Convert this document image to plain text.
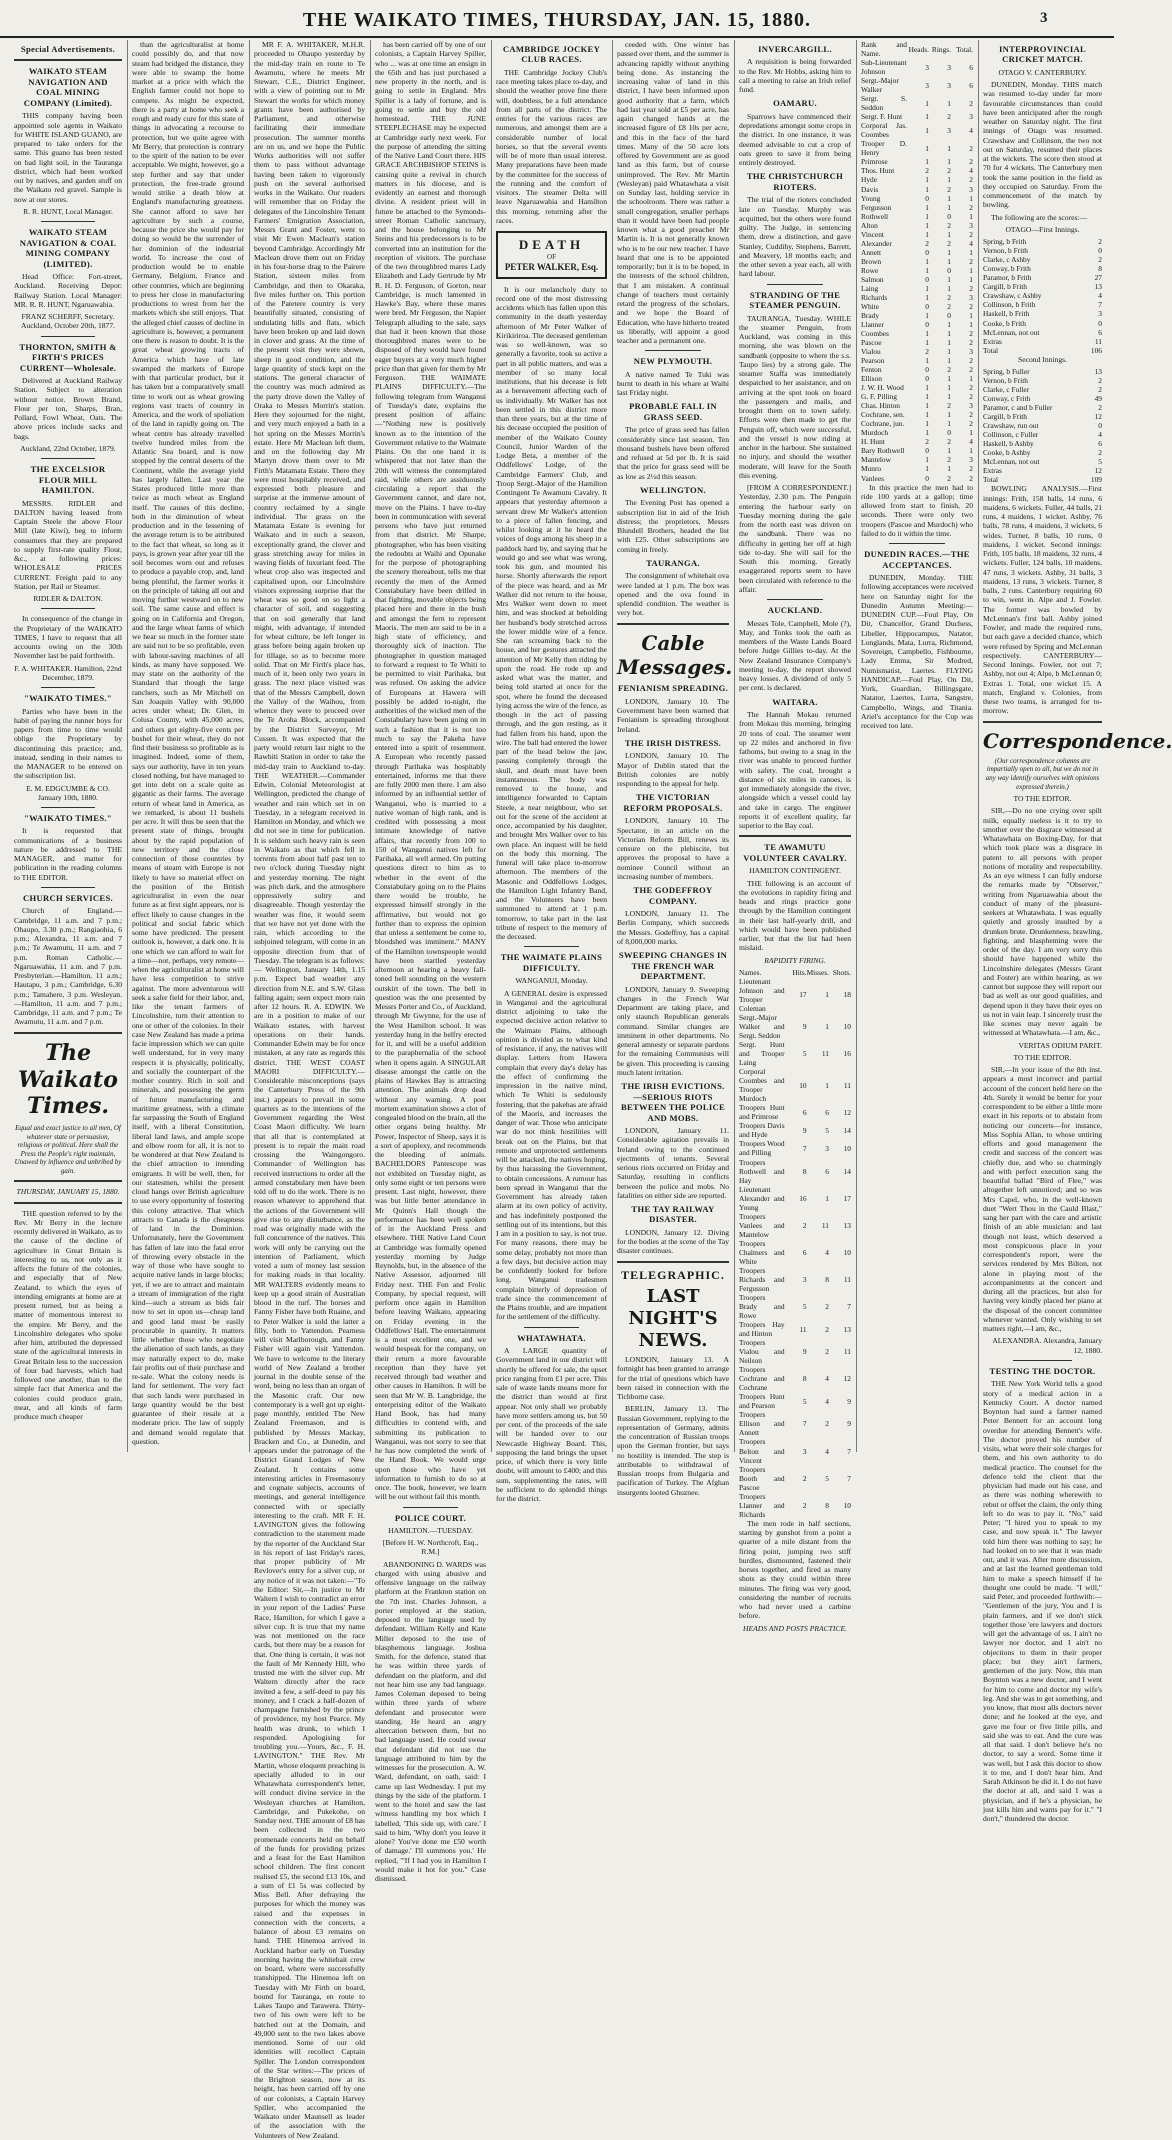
THE WAIKATO TIMES, THURSDAY, JAN. 15, 1880.	3
Special Advertisements.
WAIKATO STEAM NAVIGATION AND COAL MINING COMPANY (Limited).

THIS company having been appointed sole agents in Waikato for WHITE ISLAND GUANO, are prepared to take orders for the same. This guano has been tested on bad light soil, in the Tauranga district, which had been worked out by natives, and garden stuff on the Waikato red gravel. Sample is now at our stores.

R. R. HUNT, Local Manager.

WAIKATO STEAM NAVIGATION & COAL MINING COMPANY (LIMITED).

Head Office: Fort-street, Auckland. Receiving Depot: Railway Station. Local Manager: MR. R. R. HUNT, Ngaruawahia.

FRANZ SCHERFF, Secretary. Auckland, October 20th, 1877.

THORNTON, SMITH & FIRTH'S PRICES CURRENT—Wholesale.

Delivered at Auckland Railway Station. Subject to alteration without notice. Brown Brand, Flour per ton, Sharps, Bran, Pollard, Fowl Wheat, Oats. The above prices include sacks and bags.

Auckland, 22nd October, 1879.

THE EXCELSIOR FLOUR MILL HAMILTON.

MESSRS. RIDLER and DALTON having leased from Captain Steele the above Flour Mill (late Kiwi), beg to inform consumers that they are prepared to supply first-rate quality Flour, &c., at following prices: WHOLESALE PRICES CURRENT. Freight paid to any Station, per Rail or Steamer.

RIDLER & DALTON.

In consequence of the change in the Proprietary of the WAIKATO TIMES, I have to request that all accounts owing on the 30th November last be paid forthwith.

F. A. WHITAKER. Hamilton, 22nd December, 1879.

"WAIKATO TIMES."

Parties who have been in the habit of paying the runner boys for papers from time to time would oblige the Proprietary by discontinuing this practice; and, instead, sending in their names to the MANAGER to be entered on the subscription list.

E. M. EDGCUMBE & CO. January 10th, 1880.

"WAIKATO TIMES."

It is requested that communications of a business nature be addressed to THE MANAGER, and matter for publication in the reading columns to THE EDITOR.

CHURCH SERVICES.

Church of England.—Cambridge, 11 a.m. and 7 p.m.; Ohaupo, 3.30 p.m.; Rangiaohia, 6 p.m.; Alexandra, 11 a.m. and 7 p.m.; Te Awamutu, 11 a.m. and 7 p.m. Roman Catholic.—Ngaruawahia, 11 a.m. and 7 p.m. Presbyterian.—Hamilton, 11 a.m.; Hautapu, 3 p.m.; Cambridge, 6.30 p.m.; Tamahere, 3 p.m. Wesleyan.—Hamilton, 11 a.m. and 7 p.m.; Cambridge, 11 a.m. and 7 p.m.; Te Awamutu, 11 a.m. and 7 p.m.

The Waikato Times.

Equal and exact justice to all men, Of whatever state or persuasion, religious or political. Here shall the Press the People's right maintain, Unawed by influence and unbribed by gain.

THURSDAY, JANUARY 15, 1880.

THE question referred to by the Rev. Mr Berry in the lecture recently delivered in Waikato, as to the cause of the decline of agriculture in Great Britain is interesting to us, not only as it affects the future of the colonies, and especially that of New Zealand, to which the eyes of intending emigrants at home are at present turned, but as being a matter of momentous interest to the empire. Mr Berry, and the Lincolnshire delegates who spoke after him, attributed the depressed state of the agricultural interests in Great Britain less to the succession of four bad harvests, which had followed one another, than to the simple fact that America and the colonies could produce grain, meat, and all kinds of farm produce much cheaper

than the agriculturalist at home could possibly do, and that now steam had bridged the distance, they were able to swamp the home market at a price with which the English farmer could not hope to compete. As might be expected, there is a party at home who seek a rough and ready cure for this state of things in advocating a recourse to protection, but we quite agree with Mr Berry, that protection is contrary to the spirit of the nation to be ever acceptable. We might, however, go a step further and say that under protection, the free-trade ground would strike a death blow at England's manufacturing greatness. She cannot afford to save her agriculture by such a course, because the price she would pay for doing so would be the surrender of her dominion of the industrial world. To increase the cost of production would be to enable Germany, Belgium, France and other countries, which are beginning to press her close in manufacturing productions to wrest from her the markets which she still enjoys. That the alleged chief causes of decline in agriculture is, however, a permanent one there is reason to doubt. It is the great wheat growing tracts of America which have of late swamped the markets of Europe with that particular product, but it has taken but a comparatively small time to work out as wheat growing regions vast tracts of country in America, and the work of spoliation of the land in rapidly going on. The wheat centre has already travelled twelve hundred miles from the Atlantic Sea board, and is now stopped by the central deserts of the Continent, while the average yield has largely fallen. Last year the States produced little more than twice as much wheat as England itself. The causes of this decline, both in the diminution of wheat production and in the lessening of the average return is to be attributed to the fact that wheat, so long as it pays, is grown year after year till the soil becomes worn out and refuses to produce a payable crop, and, land being plentiful, the farmer works it on the principle of taking all out and moving further westward on to new soil. The same cause and effect is going on in California and Oregon, and the large wheat farms of which we hear so much in the former state are said not to be so profitable, even with labour-saving machines of all kinds, as many have supposed. We may state on the authority of the Standard that though the large ranchers, such as Mr Mitchell on San Joaquin Valley with 90,000 acres under wheat; Dr. Glen, in Colusa County, with 45,000 acres, and others get eighty-five cents per bushel for their wheat, they do not find their business so profitable as is imagined. Indeed, some of them, says our authority, have in ten years closed nothing, but have managed to get into debt on a scale quite as gigantic as their farms. The average return of wheat land in America, as we remarked, is about 11 bushels per acre. It will thus be seen that the present state of things, brought about by the rapid population of new territory and the close connection of those countries by means of steam with Europe is not likely to have so material effect on the position of the British agriculturalist in even the near future as at first sight appears, nor is effect likely to cause changes in the political and social fabric which some have predicted. The present outlook is, however, a dark one. It is one which we can afford to wait for a time—not, perhaps, very remote—when the agriculturalist at home will have less competition to strive against. The more adventurous will seek a safer field for their labor, and, like the tenant farmers of Lincolnshire, turn their attention to one or other of the colonies. In their case New Zealand has made a prima facie impression which we can quite well understand, for in very many respects it is physically, politically, and socially the counterpart of the mother country. Rich in soil and minerals, and possessing the germ of future manufacturing and maritime greatness, with a climate far surpassing the South of England itself, with a liberal Constitution, liberal land laws, and ample scope and elbow room for all, it is not to be wondered at that New Zealand is the chief attraction to intending emigrants. It will be well, then, for our statesmen, whilst the present cloud hangs over British agriculture to use every opportunity of fostering this colony attractive. That which attracts to Canada is the cheapness of land in the Dominion. Unfortunately, here the Government has fallen of late into the fatal error of throwing every obstacle in the way of those who have sought to acquire native lands in large blocks; yet, if we are to attract and maintain a stream of immigration of the right kind—such a stream as bids fair now to set in upon us—cheap land and good land must be easily procurable in quantity. It matters little whether those who negotiate the alienation of such lands, as they may naturally expect to do, make fair profits out of their purchase and re-sale. What the colony needs is land for settlement. The very fact that such lands were purchased in large quantity would be the best guarantee of their resale at a moderate price. The law of supply and demand would regulate that question.

MR F. A. WHITAKER, M.H.R. proceeded to Ohaupo yesterday by the mid-day train en route to Te Awamutu, where he meets Mr Stewart, C.E., District Engineer, with a view of pointing out to Mr Stewart the works for which money grants have been authorised by Parliament, and otherwise facilitating their immediate prosecution. The summer months are on us, and we hope the Public Works authorities will not suffer them to pass without advantage having been taken to vigorously push on the several authorised works in the Waikato. Our readers will remember that on Friday the delegates of the Lincolnshire Tenant Farmers' Emigration Association, Messrs Grant and Foster, went to visit Mr Ewen Maclean's station beyond Cambridge. Accordingly Mr Maclean drove them out on Friday in his four-horse drag to the Pairere Station, sixteen miles from Cambridge, and then to Okaraka, five miles further on. This portion of the Patetere country is very beautifully situated, consisting of undulating hills and flats, which have been broken up and laid down in clover and grass. At the time of the present visit they were shown, sheep in good condition, and the large quantity of stock kept on the stations. The general character of the country was much admired as the party drove down the Valley of Oraka to Messrs Morrin's station. Here they sojourned for the night, and very much enjoyed a bath in a hot spring on the Messrs Morrin's estate. Here Mr Maclean left them, and on the following day Mr Martyn drove them over to Mr Firth's Matamata Estate. There they were most hospitably received, and expressed both pleasure and surprise at the immense amount of country reclaimed by a single individual. The grass on the Matamata Estate is evening for Waikato and in such a season, exceptionally grand, the clover and grass stretching away for miles in waving fields of luxuriant feed. The wheat crop also was inspected and capitalised upon, our Lincolnshire visitors expressing surprise that the wheat was so good on so light a character of soil, and suggesting that on soil generally that land might, with advantage, if intended for wheat culture, be left longer in grass before being again broken up for tillage, so as to become more solid. That on Mr Firth's place has, much of it, been only two years in grass. The next place visited was that of the Messrs Campbell, down the Valley of the Waihou, from whence they were to proceed over the Te Aroha Block, accompanied by the District Surveyor, Mr Cussen. It was expected that the party would return last night to the Rawhiti Station in order to take the mid-day train to Auckland to-day. THE WEATHER.—Commander Edwin, Colonial Meteorologist at Wellington, predicted the change of weather and rain which set in on Tuesday, in a telegram received in Hamilton on Monday, and which we did not see in time for publication. It is seldom such heavy rain is seen in Waikato as that which fell in torrents from about half past ten to two o'clock during Tuesday night and yesterday morning. The night was pitch dark, and the atmosphere oppressively sultry and disagreeable. Though yesterday the weather was fine, it would seem that we have not yet done with the rain, which according to the subjoined telegram, will come in an opposite direction from that of Tuesday. The telegram is as follows:— Wellington, January 14th, 1.15 p.m. Expect bad weather any direction from N.E. and S.W. Glass falling again; seen expect more rain after 12 hours. R. A. EDWIN. We are in a position to make of our Waikato estates, with harvest operations on their hands. Commander Edwin may be for once mistaken, at any rate as regards this district. THE WEST COAST MAORI DIFFICULTY.—Considerable misconceptions (says the Canterbury Press of the 9th inst.) appears to prevail in some quarters as to the intentions of the Government regarding the West Coast Maori difficulty. We learn that all that is contemplated at present is to repair the main road crossing the Waingongoro. Commander of Wellington has received instructions to order all the armed constabulary men have been told off to do the work. There is no reason whatever to apprehend that the actions of the Government will give rise to any disturbance, as the road was originally made with the full concurrence of the natives. This work will only be carrying out the intention of Parliament, which voted a sum of money last session for making roads in that locality. MR WALTERS evidently means to keep up a good strain of Australian blood in the turf. The horses and Fanny Fisher have both Ruaine, and to Peter Walker is sold the latter a filly, both to Yattendon. Pearness will visit Marlborough, and Fanny Fisher will again visit Yattendon. We have to welcome to the literary world of New Zealand a brother journal in the double sense of the word, being no less than an organ of the Masonic craft. Our new contemporary is a well got up eight-page monthly, entitled The New Zealand Freemason, and is published by Messrs Mackay, Bracken and Co., at Dunedin, and appears under the patronage of the District Grand Lodges of New Zealand. It contains some interesting articles in Freemasonry and cognate subjects, accounts of meetings, and general intelligence connected with or specially interesting to the craft. MR F. H. LAVINGTON gives the following contradiction to the statement made by the reporter of the Auckland Star in his report of last Friday's races, that proper publicity of Mr Revlover's entry for a silver cup, or any notice of it was not taken:—"To the Editor: Sir,—In justice to Mr Waltern I wish to contradict an error in your report of the Ladies' Purse Race, Hamilton, for which I gave a silver cup. It is true that my name was not mentioned on the race cards, but there may be a reason for that. One thing is certain, it was not the fault of Mr Kennedy Hill, who trusted me with the silver cup. Mr Waltern directly after the race invited a few, a self-deed to pay his money, and I crack a half-dozen of champagne furnished by the prince of providence, my host Pearce. My health was drunk, to which I responded. Apologising for troubling you.—Yours, &c., F. H. LAVINGTON." THE Rev. Mr Martin, whose eloquent preaching is specially alluded to in our Whatawhata correspondent's letter, will conduct divine service in the Wesleyan churches at Hamilton, Cambridge, and Pukekohe, on Sunday next. THE amount of £8 has been collected in the two promenade concerts held on behalf of the funds for providing prizes and a feast for the East Hamilton school children. The first concert realised £5, the second £13 10s, and a sum of £1 5s was collected by Miss Bell. After defraying the purposes for which the money was raised and the expenses in connection with the concerts, a balance of about £3 remains on hand. THE Hinemoa arrived in Auckland harbor early on Tuesday morning having the whitebait crew on board, where were successfully transhipped. The Hinemoa left on Tuesday with Mr Firth on board, bound for Tauranga, en route to Lakes Taupo and Tarawera. Thirty-two of his own were left to be batched out at the Domain, and 49,000 sent to the two lakes above mentioned. Some of our old identities will recollect Captain Spiller. The London correspondent of the Star writes:—The prices of the Brighton season, now at its height, has been carried off by one of our colonists, a Captain Harvey Spiller, who accompanied the Waikato under Maunsell as leader of the association with the Volunteers of New Zealand.

has been carried off by one of our colonists, a Captain Harvey Spiller, who ... was at one time an ensign in the 65th and has just purchased a new property in the north, and is going to settle in England. Mrs Spiller is a lady of fortune, and is going to settle and buy the old homestead. THE JUNE STEEPLECHASE may be expected at Cambridge early next week. For the purpose of attending the sitting of the Native Land Court there. HIS GRACE ARCHBISHOP STEINS is causing quite a revival in church matters in his diocese, and is evidently an earnest and thorough divine. A resident priest will in future be attached to the Symonds-street Roman Catholic sanctuary, and the house belonging to Mr Steins and his predecessors is to be converted into an institution for the reception of visitors. The purchase of the two throughbred mares Lady Elizabeth and Lady Gertrude by Mr R. H. D. Ferguson, of Gorton, near Cambridge, is much lamented in Hawke's Bay, where these mares were bred. Mr Ferguson, the Napier Telegraph alluding to the sale, says that had it been known that those thoroughbred mares were to be disposed of they would have found eager buyers at a very much higher price than that given for them by Mr Ferguson. THE WAIMATE PLAINS DIFFICULTY.—The following telegram from Wanganui of Tuesday's date, explains the present position of affairs:—"Nothing new is positively known as to the intention of the Government relative to the Waimate Plains. On the one hand it is whispered that not later than the 20th will witness the contemplated raid, while others are assiduously circulating a report that the Government cannot, and dare not, move on the Plains. I have to-day been in communication with several persons who have just returned from that district. Mr Sharpe, photographer, who has been visiting the redoubts at Waihi and Opunake for the purpose of photographing the scenery thereabout, tells me that recently the men of the Armed Constabulary have been drilled in that fighting, movable objects being placed here and there in the bush and amongst the fern to represent Maoris. The men are said to be in a high state of efficiency, and thoroughly sick of inaction. The photographer in question managed to forward a request to Te Whiti to be permitted to visit Parihaka, but was refused. On asking the advice of Europeans at Hawera will possibly be added to-night, the authorities of the wicked men of the Constabulary have been going on in such a fashion that it is not too much to say the Pakeha have entered into a spirit of resentment. A European who recently passed through Parihaka was hospitably entertained, informs me that there are fully 2000 men there. I am also informed by an influential settler of Wanganui, who is married to a native woman of high rank, and is credited with possessing a most intimate knowledge of native affairs, that recently from 100 to 150 of Wanganui natives left for Parihaka, all well armed. On putting questions direct to him as to whether in the event of the Constabulary going on to the Plains there would be trouble, he expressed himself strongly in the affirmative, but would not go further than to express the opinion that unless a settlement be come to, bloodshed was imminent." MANY of the Hamilton townspeople would have been startled yesterday afternoon at hearing a heavy fall-toned bell sounding on the western outskirt of the town. The bell in question was the one presented by Messrs Porter and Co., of Auckland, through Mr Gwynne, for the use of the West Hamilton school. It was yesterday hung in the belfry erected for it, and will be a useful addition to the paraphernalia of the school when it opens again. A SINGULAR disease amongst the cattle on the plains of Hawkes Bay is attracting attention. The animals drop dead without any warning. A post mortem examination shows a clot of congealed blood on the brain, all the other organs being healthy. Mr Power, Inspector of Sheep, says it is a sort of apoplexy, and recommends the bleeding of animals. BACHELDORS Pantescope was not exhibited on Tuesday night, as only some eight or ten persons were present. Last night, however, there was but little better attendance in Mr Quinn's Hall though the performance has been well spoken of in the Auckland Press and elsewhere. THE Native Land Court at Cambridge was formally opened yesterday morning by Judge Reynolds, but, in the absence of the Native Assessor, adjourned till Friday next. THE Fun and Frolic Company, by special request, will perform once again in Hamilton before leaving Waikato, appearing on Friday evening in the Oddfellows' Hall. The entertainment is a most excellent one, and we would bespeak for the company, on their return a more favourable reception than they have yet received through bad weather and other causes in Hamilton. It will be seen that Mr W. B. Langbridge, the enterprising editor of the Waikato Hand Book, has had many difficulties to contend with, and submitting its publication to Wanganui, was not sorry to see that he has now completed the work of the Hand Book. We would urge upon those who have yet information to furnish to do so at once. The book, however, we learn will be out without fail this month.

POLICE COURT.

HAMILTON.—TUESDAY.

[Before H. W. Northcroft, Esq., R.M.]

ABANDONING D. WARDS was charged with using abusive and offensive language on the railway platform at the Frankton station on the 7th inst. Charles Johnson, a porter employed at the station, deposed to the language used by defendant. William Kelly and Kate Miller deposed to the use of blasphemous language. Joshua Smith, for the defence, stated that he was within three yards of defendant on the platform, and did not hear him use any bad language. James Coleman deposed to being within three yards of where defendant and prosecutor were standing. He heard an angry altercation between them, but no bad language used. He could swear that defendant did not use the language attributed to him by the witnesses for the prosecution. A. W. Ward, defendant, on oath, said: I came up last Wednesday. I put my things by the side of the platform. I went to the hotel and saw the last witness handling my box which I labelled, 'This side up, with care.' I said to him, 'Why don't you leave it alone? You've done me £50 worth of damage.' I'll summons you.' He replied, '"If I had you in Hamilton I would make it hot for you." Case dismissed.

CAMBRIDGE JOCKEY CLUB RACES.

THE Cambridge Jockey Club's race meeting takes place to-day, and should the weather prove fine there will, doubtless, be a full attendance from all parts of the district. The entries for the various races are numerous, and amongst them are a considerable number of local horses, so that the several events will be of more than usual interest. Many preparations have been made by the committee for the success of the running and the comfort of visitors. The steamer Delta will leave Ngaruawahia and Hamilton this morning, returning after the races.

DEATH
OF
PETER WALKER, Esq.

It is our melancholy duty to record one of the most distressing accidents which has fallen upon this community in the death yesterday afternoon of Mr Peter Walker of Kirikiriroa. The deceased gentleman was so well-known, was so generally a favorite, took so active a part in all public matters, and was a member of so many local institutions, that his decease is felt as a bereavement affecting each of us individually. Mr Walker has not been settled in this district more than three years, but at the time of his decease occupied the position of member of the Waikato County Council, Junior Warden of the Lodge Beta, a member of the Oddfellows' Lodge, of the Cambridge Farmers' Club, and Troop Sergt.-Major of the Hamilton Contingent Te Awamutu Cavalry. It appears that yesterday afternoon a servant drew Mr Walker's attention to a piece of fallen fencing, and whilst looking at it he heard the voices of dogs among his sheep in a paddock hard by, and saying that he would go and see what was wrong, took his gun, and mounted his horse. Shortly afterwards the report of the piece was heard, and as Mr Walker did not return to the house, Mrs Walker went down to meet him, and was shocked at beholding her husband's body stretched across the lower middle wire of a fence. She ran screaming back to the house, and her gestures attracted the attention of Mr Kelly then riding by upon the road. He rode up and asked what was the matter, and being told started at once for the spot, where he found the deceased lying across the wire of the fence, as though in the act of passing through, and the gun resting, as it had fallen from his hand, upon the wire. The ball had entered the lower part of the head below the jaw, passing completely through the skull, and death must have been instantaneous. The body was removed to the house, and intelligence forwarded to Captain Steele, a near neighbour, who set out for the scene of the accident at once, accompanied by his daughter, and brought Mrs Walker over to his own place. An inquest will be held on the body this morning. The funeral will take place to-morrow afternoon. The members of the Masonic and Oddfellows Lodges, the Hamilton Light Infantry Band, and the Volunteers have been summoned to attend at 1 p.m. tomorrow, to take part in the last tribute of respect to the memory of the deceased.

THE WAIMATE PLAINS DIFFICULTY.

WANGANUI, Monday.

A GENERAL desire is expressed in Wanganui and the agricultural district adjoining to take the expected decisive action relative to the Waimate Plains, although opinion is divided as to what kind of resistance, if any, the natives will display. Letters from Hawera complain that every day's delay has the effect of confirming the impression in the native mind, which Te Whiti is sedulously fostering, that the pakehas are afraid of the Maoris, and increases the danger of war. Those who anticipate war do not think hostilities will break out on the Plains, but that remote and unprotected settlements will be attacked, the natives hoping, by thus harassing the Government, to obtain concessions. A rumour has been spread in Wanganui that the Government has already taken alarm at its own policy of activity, and has indefinitely postponed the settling out of its intentions, but this I am in a position to say, is not true. For many reasons, there may be some delay, probably not more than a few days, but decisive action may be confidently looked for before long. Wanganui tradesmen complain bitterly of depression of trade since the commencement of the Plains trouble, and are impatient for the settlement of the difficulty.

WHATAWHATA.

A LARGE quantity of Government land in our district will shortly be offered for sale, the upset price ranging from £1 per acre. This sale of waste lands means more for the district than would at first appear. Not only shall we probably have more settlers among us, but 50 per cent. of the proceeds of the sale will be handed over to our Newcastle Highway Board. This, supposing the land brings the upset price, of which there is very little doubt, will amount to £400; and this sum, supplementing the rates, will be sufficient to do splendid things for the district.

ceeded with. One winter has passed over them, and the summer is advancing rapidly without anything being done. As instancing the increasing value of land in this district, I have been informed upon good authority that a farm, which had last year sold at £5 per acre, has again changed hands at the increased figure of £8 10s per acre, and this in the face of the hard times. Many of the 50 acre lots offered by Government are as good land as this farm, but of course unimproved. The Rev. Mr Martin (Wesleyan) paid Whatawhata a visit on Sunday last, holding service in the schoolroom. There was rather a small congregation, smaller perhaps than it would have been had people known what a good preacher Mr Martin is. It is not generally known who is to be our new teacher. I have heard that one is to be appointed temporarily; but it is to be hoped, in the interests of the school children, that I am mistaken. A continual change of teachers must certainly retard the progress of the scholars, and we hope the Board of Education, who have hitherto treated us liberally, will appoint a good teacher and a permanent one.

NEW PLYMOUTH.

A native named Te Tuki was burnt to death in his whare at Waihi last Friday night.

PROBABLE FALL IN GRASS SEED.

The price of grass seed has fallen considerably since last season. Ten thousand bushels have been offered and refused at 5d per lb. It is said that the price for grass seed will be as low as 2½d this season.

WELLINGTON.

The Evening Post has opened a subscription list in aid of the Irish distress; the proprietors, Messrs Blundell Brothers, headed the list with £25. Other subscriptions are coming in freely.

TAURANGA.

The consignment of whitebait ova were landed at 1 p.m. The box was opened and the ova found in splendid condition. The weather is very hot.

Cable Messages.
FENIANISM SPREADING.

LONDON, January 10. The Government have been warned that Fenianism is spreading throughout Ireland.

THE IRISH DISTRESS.

LONDON, January 10. The Mayor of Dublin stated that the British colonies are nobly responding to the appeal for help.

THE VICTORIAN REFORM PROPOSALS.

LONDON, January 10. The Spectator, in an article on the Victorian Reform Bill, renews its censure on the plebiscite, but approves the proposal to have a nominee Council without an increasing number of members.

THE GODEFFROY COMPANY.

LONDON, January 11. The Berlin Company, which succeeds the Messrs. Godeffroy, has a capital of 8,000,000 marks.

SWEEPING CHANGES IN THE FRENCH WAR DEPARTMENT.

LONDON, January 9. Sweeping changes in the French War Department are taking place, and only staunch Republican generals command. Similar changes are imminent in other departments. No general amnesty or separate pardons for the remaining Communists will be given. This proceeding is causing much latent irritation.

THE IRISH EVICTIONS.—SERIOUS RIOTS BETWEEN THE POLICE AND MOBS.

LONDON, January 11. Considerable agitation prevails in Ireland owing to the continued ejectments of tenants. Several serious riots occurred on Friday and Saturday, resulting in conflicts between the police and mobs. No fatalities on either side are reported.

THE TAY RAILWAY DISASTER.

LONDON, January 12. Diving for the bodies at the scene of the Tay disaster continues.

TELEGRAPHIC.
LAST NIGHT'S NEWS.

LONDON, January 13. A fortnight has been granted to arrange for the trial of questions which have been raised in connection with the Tichborne case.

BERLIN, January 13. The Russian Government, replying to the representation of Germany, admits the concentration of Russian troops upon the German frontier, but says no hostility is intended. The step is attributable to withdrawal of Russian troops from Bulgaria and pacification of Turkey. The Afghan insurgents looted Ghuznee.

INVERCARGILL.

A requisition is being forwarded to the Rev. Mr Hobbs, asking him to call a meeting to raise an Irish relief fund.

OAMARU.

Sparrows have commenced their depredations amongst some crops in the district. In one instance, it was deemed advisable to cut a crop of oats green to save it from being entirely destroyed.

THE CHRISTCHURCH RIOTERS.

The trial of the rioters concluded late on Tuesday. Murphy was acquitted, but the others were found guilty. The Judge, in sentencing them, drew a distinction, and gave Stanley, Cuddihy, Stephens, Barrett, and Meavery, 18 months each; and the other seven a year each, all with hard labour.

STRANDING OF THE STEAMER PENGUIN.

TAURANGA, Tuesday. WHILE the steamer Penguin, from Auckland, was coming in this morning, she was blown on the sandbank (opposite to where the s.s. Taupo lies) by a strong gale. The steamer Staffa was immediately despatched to her assistance, and on arriving at the spot took on board the passengers and mails, and brought them on to town safely. Efforts were then made to get the Penguin off, which were successful, and the vessel is now riding at anchor in the harbour. She sustained no injury, and should the weather moderate, will leave for the South this evening.

[FROM A CORRESPONDENT.] Yesterday, 2.30 p.m. The Penguin entering the harbour early on Tuesday morning during the gale from the north east was driven on the sandbank. There was no difficulty in getting her off at high tide to-day. She will sail for the South this morning. Greatly exaggerated reports seem to have been circulated with reference to the affair.

AUCKLAND.

Messrs Tole, Campbell, Mole (?), May, and Tonks took the oath as members of the Waste Lands Board before Judge Gillies to-day. At the New Zealand Insurance Company's meeting to-day, the report showed heavy losses. A dividend of only 5 per cent. is declared.

WAITARA.

The Hannah Mokau returned from Mokau this morning, bringing 20 tons of coal. The steamer went up 22 miles and anchored in five fathoms, but owing to a snag in the river was unable to proceed further with safety. The coal, brought a distance of six miles in canoes, is got immediately alongside the river, alongside which a vessel could lay and take in cargo. The engineer reports it of excellent quality, far superior to the Bay coal.

TE AWAMUTU VOLUNTEER CAVALRY.

HAMILTON CONTINGENT.

THE following is an account of the evolutions in rapidity firing and heads and rings practice gone through by the Hamilton contingent in their last half-yearly drill, and which would have been published earlier, but that the list had been mislaid.

RAPIDITY FIRING.

Names.	Hits.	Misses.	Shots.
Lieutenant Johnson and Trooper Coleman	17	1	18
Sergt.-Major Walker and Sergt. Seddon	9	1	10
Sergt. Hunt and Trooper Laing	5	11	16
Corporal Coombes and Trooper Murdoch	10	1	11
Troopers Hunt and Primrose	6	6	12
Troopers Davis and Hyde	9	5	14
Troopers Wood and Pilling	7	3	10
Troopers Rothwell and Hay	8	6	14
Lieutenant Alexander and Young	16	1	17
Troopers Vanlees and Mantelow	2	11	13
Troopers Chalmers and White	6	4	10
Troopers Richards and Fergusson	3	8	11
Troopers Brady and Rowe	5	2	7
Troopers Hay and Hinton	11	2	13
Troopers Vialou and Neilson	9	2	11
Troopers Cochrane and Cochrane	8	4	12
Troopers Hunt and Pearson	5	4	9
Troopers Ellison and Annett	7	2	9
Troopers Belton and Vincent	3	4	7
Troopers Booth and Pascoe	2	5	7
Troopers Llanner and Richards	2	8	10

The men rode in half sections, starting by gunshot from a point a quarter of a mile distant from the firing point, jumping two stiff hurdles, dismounted, fastened their horses together, and fired as many shots as they could within three minutes. The firing was very good, considering the number of recruits who had never used a carbine before.

HEADS AND POSTS PRACTICE.

Rank and Name.	Heads.	Rings.	Total.
Sub-Lieutenant Johnson	3	3	6
Sergt.-Major Walker	3	3	6
Sergt. S. Seddon	1	1	2
Sergt. F. Hunt	1	2	3
Corporal Jas. Coombes	1	3	4
Trooper D. Henry	1	1	2
Primrose	1	1	2
Thos. Hunt	2	2	4
Hyde	1	1	2
Davis	1	2	3
Young	0	1	1
Fergusson	1	1	2
Rothwell	1	0	1
Alton	1	2	3
Vincent	1	1	2
Alexander	2	2	4
Annett	0	1	1
Brown	1	1	2
Rowe	1	0	1
Salmon	0	1	1
Laing	1	1	2
Richards	1	2	3
White	0	2	2
Brady	1	0	1
Llanner	0	1	1
Coombes	1	1	2
Pascoe	1	1	2
Vialou	2	1	3
Pearson	1	1	2
Fenton	0	2	2
Ellison	0	1	1
J. W. H. Wood	1	1	2
G. F. Pilling	1	1	2
Chas. Hinton	1	2	3
Cochrane, sen.	1	1	2
Cochrane, jun.	1	1	2
Murdoch	1	0	1
H. Hunt	2	2	4
Bary Rothwell	0	1	1
Mantelow	1	2	3
Munro	1	1	2
Vanlees	0	2	2

In this practice the men had to ride 100 yards at a gallop; time allowed from start to finish, 20 seconds. There were only two troopers (Pascoe and Murdoch) who failed to do it within the time.

DUNEDIN RACES.—THE ACCEPTANCES.

DUNEDIN, Monday. THE following acceptances were received here on Saturday night for the Dunedin Autumn Meeting:— DUNEDIN CUP.—Foul Play, On Dit, Chancellor, Grand Duchess, Libeller, Hippocampus, Natator, Longlands, Mata, Lurra, Richmond, Sovereign, Campbello, Fishbourne, Lady Emma, Sir Modred, Numismatist, Laertes. FLYING HANDICAP.—Foul Play, On Dit, York, Guardian, Billingsgate, Natator, Laertes, Lurra, Sangstre, Campbello, Wings, and Titania. Ariel's acceptance for the Cup was received too late.

INTERPROVINCIAL CRICKET MATCH.

OTAGO V. CANTERBURY.

DUNEDIN, Monday. THIS match was resumed to-day under far more favourable circumstances than could have been anticipated after the rough weather on Saturday night. The first innings of Otago was resumed. Crawshaw and Collinson, the two not out on Saturday, resumed their places at the wickets. The score then stood at 70 for 4 wickets. The Canterbury men took the same position in the field as they occupied on Saturday. From the commencement of the match by bowling.

The following are the scores:—

OTAGO—First Innings.

Spring, b Frith	2
Vernon, b Frith	0
Clarke, c Ashby	2
Conway, b Frith	8
Paramor, b Frith	27
Cargill, b Frith	13
Crawshaw, c Ashby	4
Collinson, b Frith	7
Haskell, b Frith	3
Cooke, b Frith	0
McLennan, not out	6
Extras	11
Total	106

Second Innings.

Spring, b Fuller	13
Vernon, b Frith	2
Clarke, c Fuller	2
Conway, c Frith	49
Paramor, c and b Fuller	2
Cargill, b Frith	12
Crawshaw, run out	0
Collinson, c Fuller	4
Haskell, b Ashby	6
Cooke, b Ashby	2
McLennan, not out	5
Extras	12
Total	109

BOWLING ANALYSIS.—First innings: Frith, 158 balls, 14 runs, 6 maidens, 6 wickets. Fuller, 44 balls, 21 runs, 4 maidens, 1 wicket. Ashby, 76 balls, 78 runs, 4 maidens, 3 wickets, 6 wides. Turner, 8 balls, 10 runs, 0 maidens, 1 wicket. Second innings: Frith, 105 balls, 18 maidens, 32 runs, 4 wickets. Fuller, 124 balls, 10 maidens, 47 runs, 3 wickets. Ashby, 31 balls, 3 maidens, 13 runs, 3 wickets. Turner, 8 balls, 2 runs. Canterbury requiring 60 to win, went in. Alpe and J. Fowler. The former was bowled by McLennan's first ball. Ashby joined Fowler, and made the required runs, but each gave a decided chance, which were refused by Spring and McLennan respectively. CANTERBURY—Second Innings. Fowler, not out 7; Ashby, not out 4; Alpe, b McLennan 0; Extras 1. Total, one wicket 15. A match, England v. Colonies, from these two teams, is arranged for to-morrow.

Correspondence.

(Our correspondence columns are impartially open to all, but we do not in any way identify ourselves with opinions expressed therein.)

TO THE EDITOR.

SIR,—Do no one crying over spilt milk, equally useless is it to try to smother over the disgrace witnessed at Whatawhata on Boxing-Day, for that which took place was a disgrace in patent to all persons with proper notions of morality and respectability. As an eye witness I can fully endorse the remarks made by "Observer," writing from Ngaruawahia about the conduct of many of the pleasure-seekers at Whatawhata. I was equally quietly and grossly insulted by a drunken brute. Drunkenness, brawling, fighting, and blaspheming were the order of the day. I am very sorry this should have happened while the Lincolnshire delegates (Messrs Grant and Foster) are within hearing, as we cannot but suppose they will report our bad as well as our good qualities, and depend upon it they have their eyes on us not in vain leap. I sincerely trust the like scenes may never again be witnessed at Whatawhata.—I am, &c.,

VERITAS ODIUM PARIT.

TO THE EDITOR.

SIR,—In your issue of the 8th inst. appears a most incorrect and partial account of the concert held here on the 4th. Surely it would be better for your correspondent to be either a little more exact in his reports or to abstain from noticing our concerts—for instance, Miss Sophia Allan, to whose untiring efforts and good management the credit and success of the concert was chiefly due, and who so charmingly and with perfect execution sang the beautiful ballad "Bird of Flee," was altogether left unnoticed; and so was Mrs Capel, who, in the well-known duet "Wert Thou in the Cauld Blast," sang her part with the care and artistic finish of an able musician: and last though not least, which deserved a most conspicuous place in your correspondent's report, were the services rendered by Mrs Bilton, not alone in playing most of the accompaniments at the concert and during all the practices, but also for having very kindly placed her piano at the disposal of the concert committee whenever wanted. Only wishing to set matters right,—I am, &c.,

ALEXANDRA. Alexandra, January 12, 1880.

TESTING THE DOCTOR.

THE New York World tells a good story of a medical action in a Kentucky Court. A doctor named Boynton had sued a farmer named Peter Bennett for an account long overdue for attending Bennett's wife. The doctor proved his number of visits, what were their sole charges for them, and his own authority to do medical practice. The counsel for the defence told the client that the physician had made out his case, and as there was nothing wherewith to rebut or offset the claim, the only thing left to do was to pay it. "No," said Peter; "I hired you to speak to my case, and now speak it." The lawyer told him there was nothing to say; he had looked on to see that it was made out, and it was. After more discussion, and at last the learned gentleman told him to make a speech himself if he thought one could be made. "I will," said Peter, and proceeded forthwith:— "Gentlemen of the jury, You and I is plain farmers, and if we don't stick together those 'ere lawyers and doctors will get the advantage of us. I ain't no lawyer nor doctor, and I ain't no objections to them in their proper place; but they ain't farmers, gentlemen of the jury. Now, this man Boynton was a new doctor, and I went for him to come and doctor my wife's leg. And she was to get something, and you know, that most alls doctors never done; and he looked at the eye, and gave me four or five little pills, and said she was to eat. And the cure was all that said. I don't believe he's no doctor, to say a word. Some time it was well, but I ask this doctor to show it to me, and I don't hear him. And Sarah Atkinson he did it. I do not have the doctor at all, and said I was a physician, and if he's a physician, he just kills him and wants pay for it." "I don't," thundered the doctor.
